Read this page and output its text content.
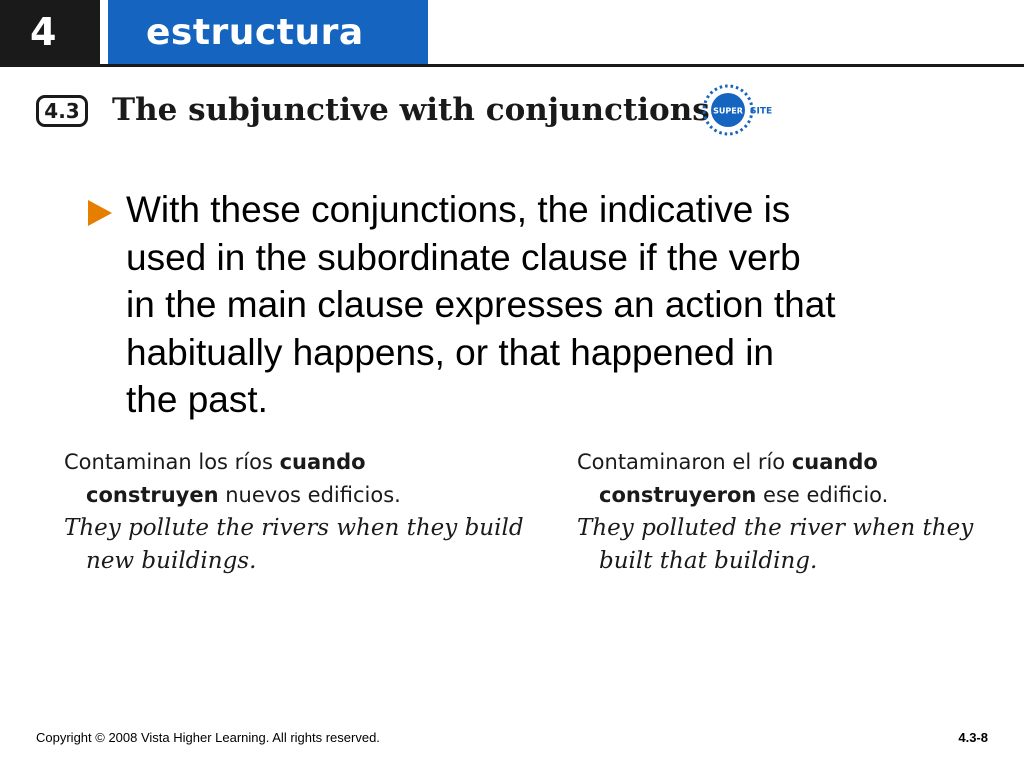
4	estructura
4.3 The subjunctive with conjunctions SUPER SITE
With these conjunctions, the indicative is
used in the subordinate clause if the verb
in the main clause expresses an action that
habitually happens, or that happened in
the past.
Contaminan los ríos cuando
construyen nuevos edificios.
They pollute the rivers when they build
new buildings.
Contaminaron el río cuando
construyeron ese edificio.
They polluted the river when they
built that building.
Copyright © 2008 Vista Higher Learning. All rights reserved.	4.3-8
